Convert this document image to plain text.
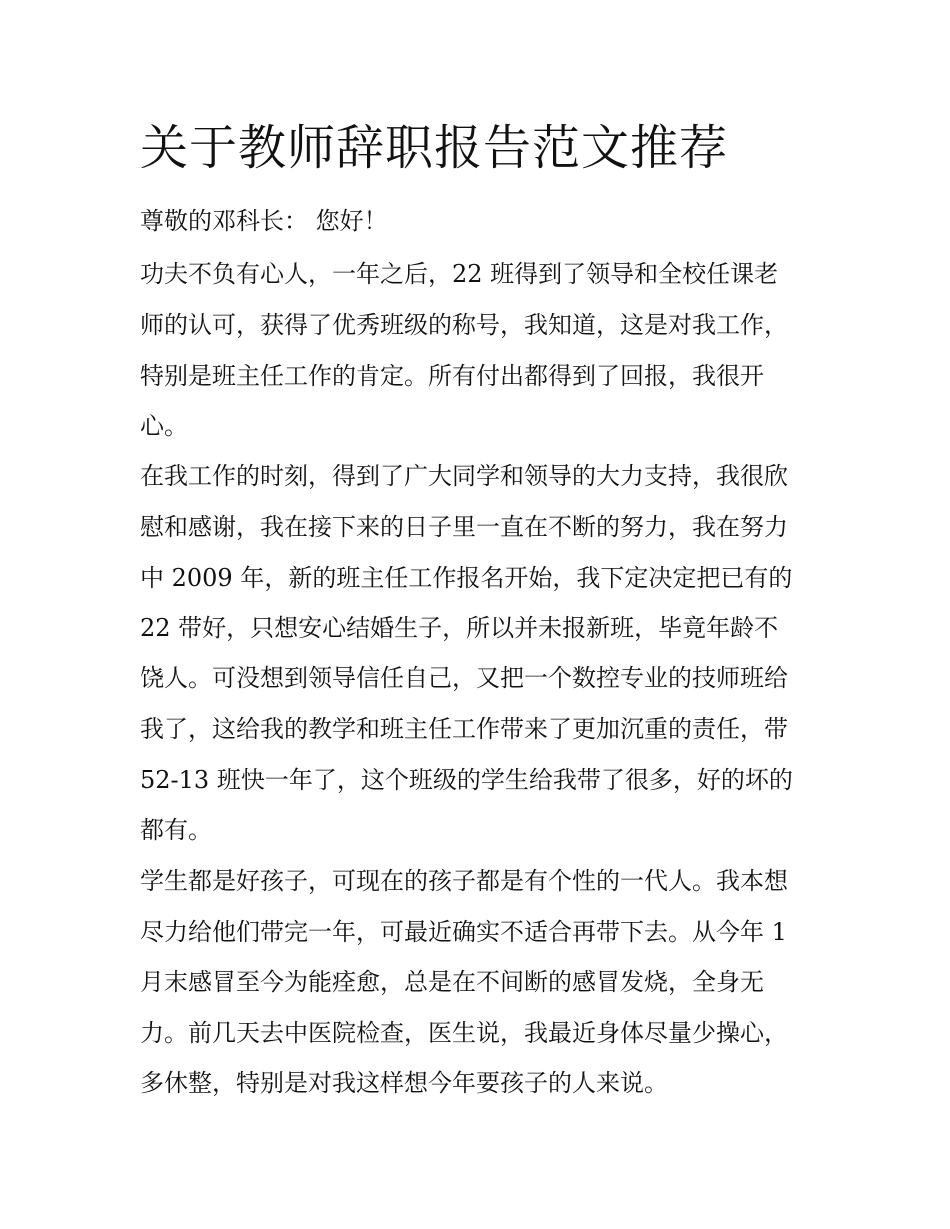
关于教师辞职报告范文推荐

尊敬的邓科长： 您好！

功夫不负有心人，一年之后，22 班得到了领导和全校任课老

师的认可，获得了优秀班级的称号，我知道，这是对我工作，

特别是班主任工作的肯定。所有付出都得到了回报，我很开

心。

在我工作的时刻，得到了广大同学和领导的大力支持，我很欣

慰和感谢，我在接下来的日子里一直在不断的努力，我在努力

中 2009 年，新的班主任工作报名开始，我下定决定把已有的

22 带好，只想安心结婚生子，所以并未报新班，毕竟年龄不

饶人。可没想到领导信任自己，又把一个数控专业的技师班给

我了，这给我的教学和班主任工作带来了更加沉重的责任，带

52-13 班快一年了，这个班级的学生给我带了很多，好的坏的

都有。

学生都是好孩子，可现在的孩子都是有个性的一代人。我本想

尽力给他们带完一年，可最近确实不适合再带下去。从今年 1

月末感冒至今为能痊愈，总是在不间断的感冒发烧，全身无

力。前几天去中医院检查，医生说，我最近身体尽量少操心，

多休整，特别是对我这样想今年要孩子的人来说。
